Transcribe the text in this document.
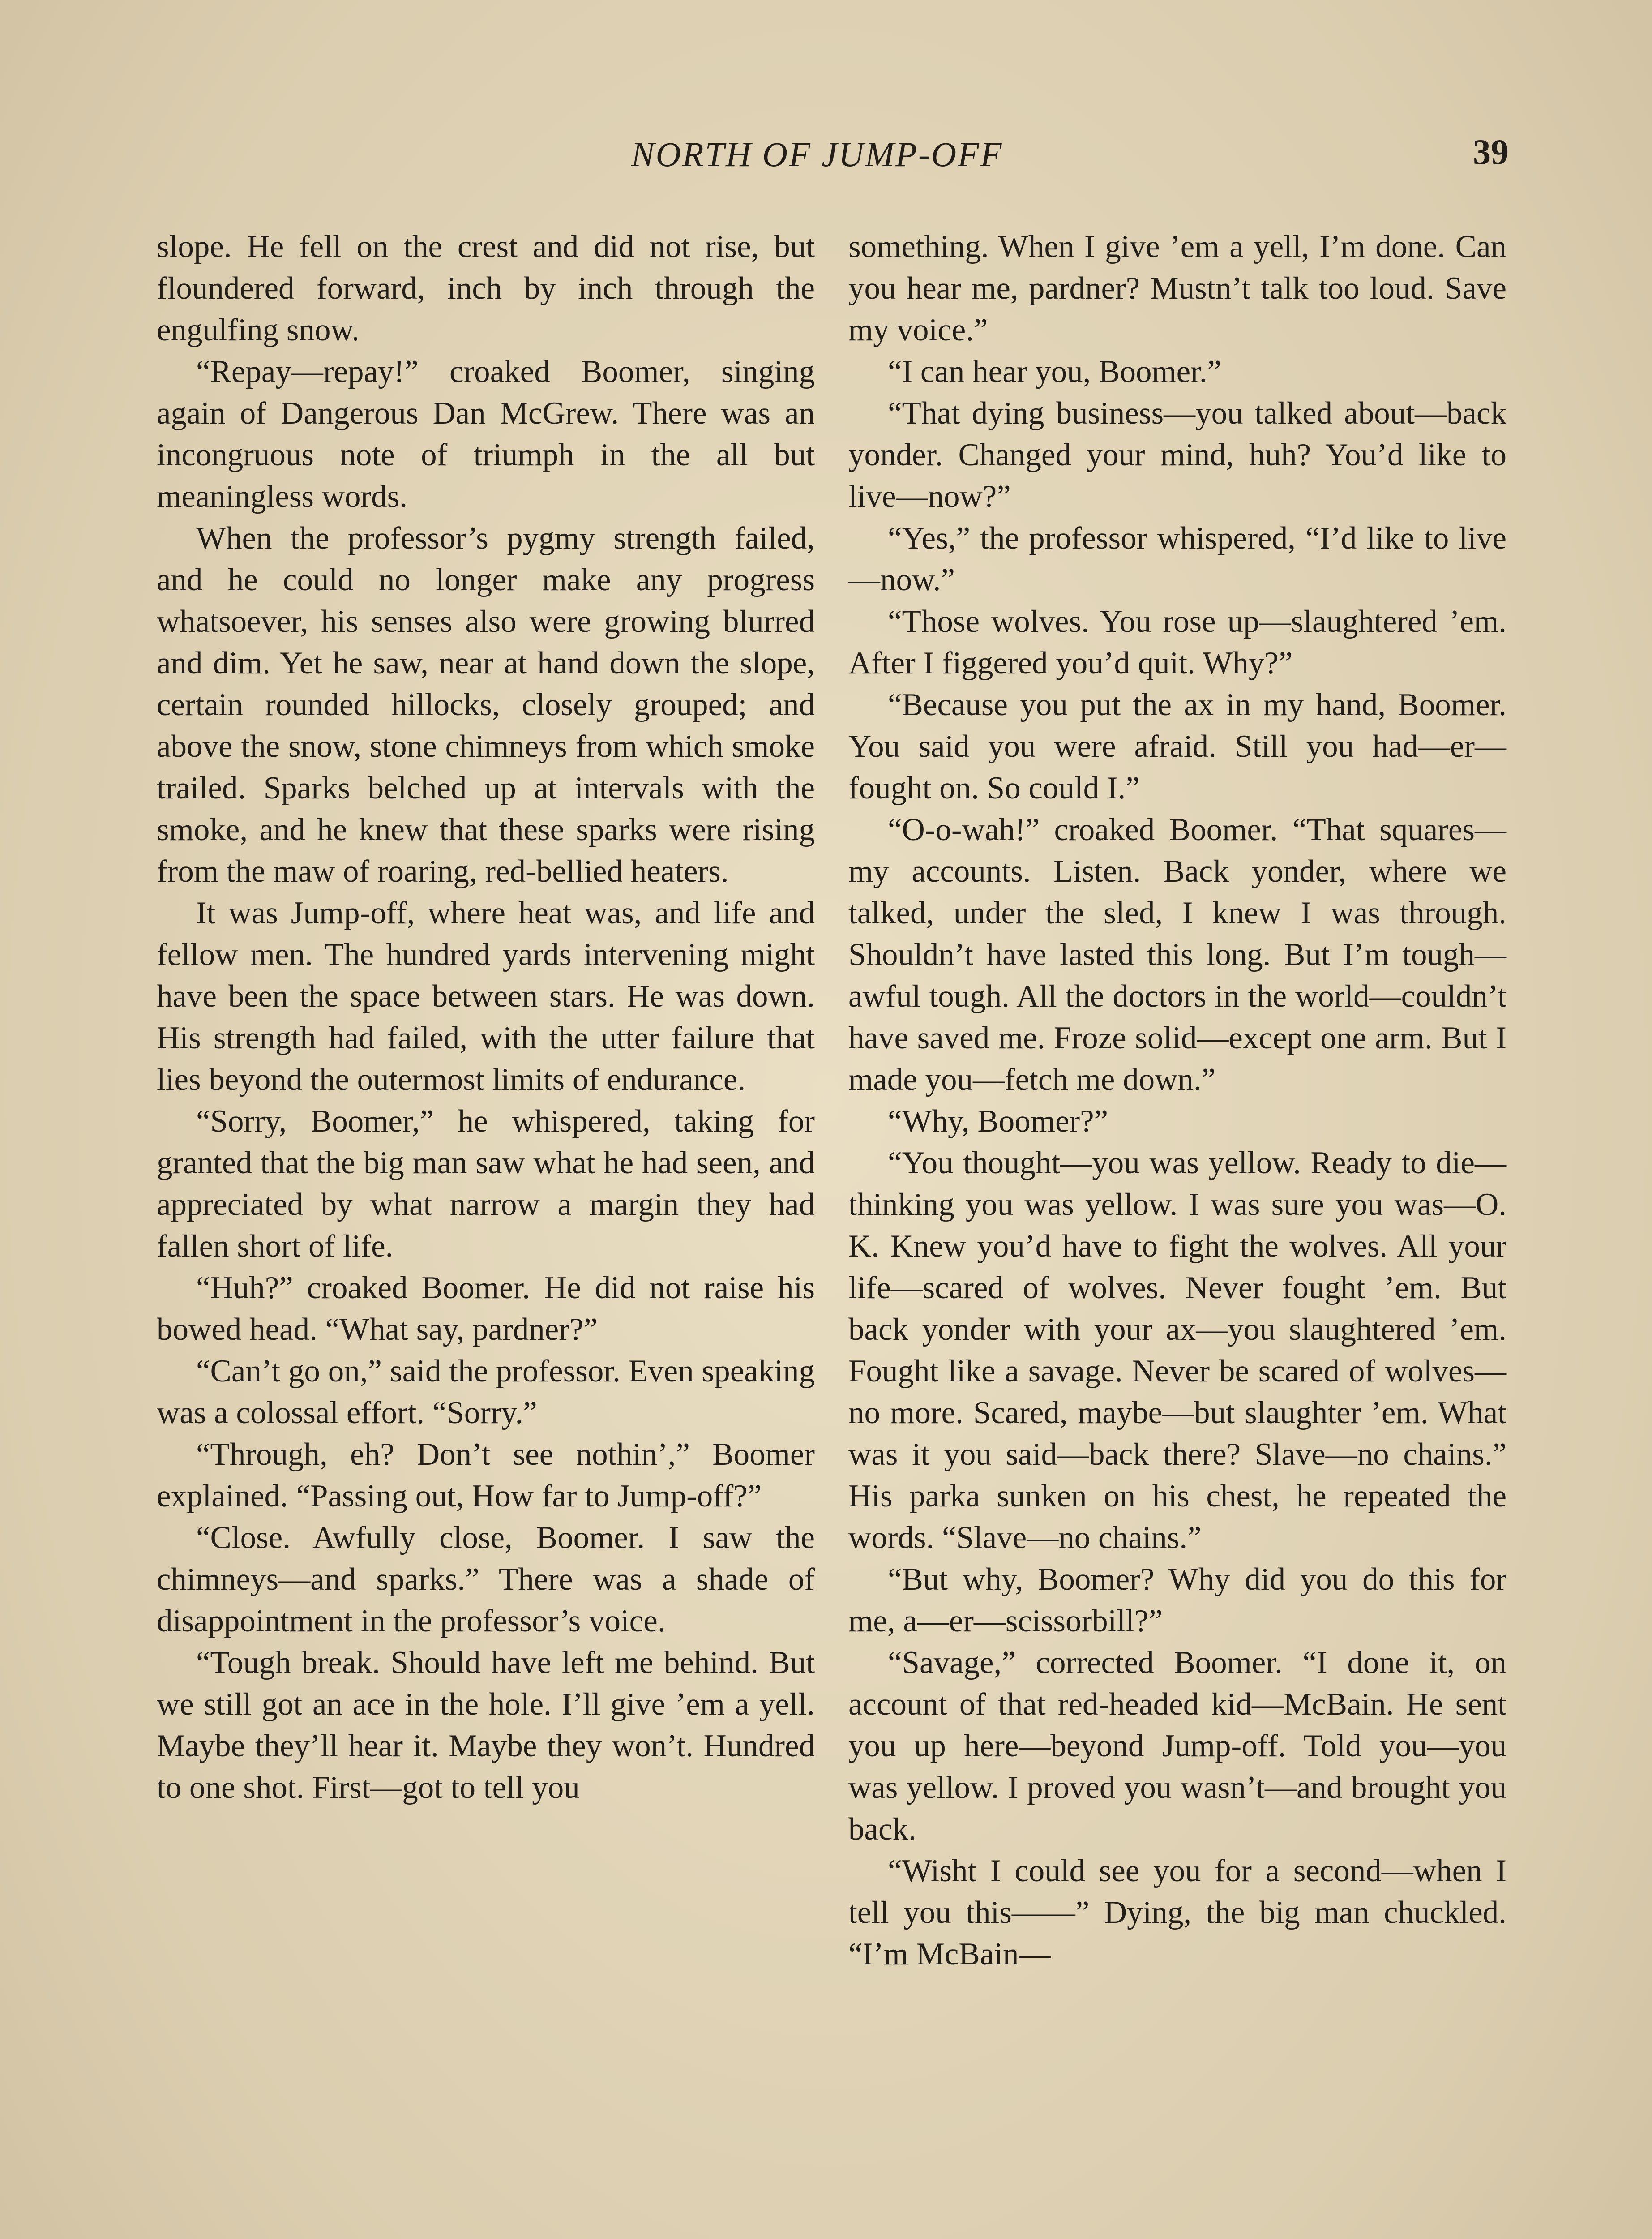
NORTH OF JUMP-OFF	39

slope. He fell on the crest and did not rise, but floundered forward, inch by inch through the engulfing snow.

“Repay—repay!” croaked Boomer, singing again of Dangerous Dan McGrew. There was an incongruous note of triumph in the all but meaningless words.

When the professor’s pygmy strength failed, and he could no longer make any progress whatsoever, his senses also were growing blurred and dim. Yet he saw, near at hand down the slope, certain rounded hillocks, closely grouped; and above the snow, stone chimneys from which smoke trailed. Sparks belched up at intervals with the smoke, and he knew that these sparks were rising from the maw of roaring, red-bellied heaters.

It was Jump-off, where heat was, and life and fellow men. The hundred yards intervening might have been the space between stars. He was down. His strength had failed, with the utter failure that lies beyond the outermost limits of endurance.

“Sorry, Boomer,” he whispered, taking for granted that the big man saw what he had seen, and appreciated by what narrow a margin they had fallen short of life.

“Huh?” croaked Boomer. He did not raise his bowed head. “What say, pardner?”

“Can’t go on,” said the professor. Even speaking was a colossal effort. “Sorry.”

“Through, eh? Don’t see nothin’,” Boomer explained. “Passing out, How far to Jump-off?”

“Close. Awfully close, Boomer. I saw the chimneys—and sparks.” There was a shade of disappointment in the professor’s voice.

“Tough break. Should have left me behind. But we still got an ace in the hole. I’ll give ’em a yell. Maybe they’ll hear it. Maybe they won’t. Hundred to one shot. First—got to tell you

something. When I give ’em a yell, I’m done. Can you hear me, pardner? Mustn’t talk too loud. Save my voice.”

“I can hear you, Boomer.”

“That dying business—you talked about—back yonder. Changed your mind, huh? You’d like to live—now?”

“Yes,” the professor whispered, “I’d like to live—now.”

“Those wolves. You rose up—slaughtered ’em. After I figgered you’d quit. Why?”

“Because you put the ax in my hand, Boomer. You said you were afraid. Still you had—er—fought on. So could I.”

“O-o-wah!” croaked Boomer. “That squares—my accounts. Listen. Back yonder, where we talked, under the sled, I knew I was through. Shouldn’t have lasted this long. But I’m tough—awful tough. All the doctors in the world—couldn’t have saved me. Froze solid—except one arm. But I made you—fetch me down.”

“Why, Boomer?”

“You thought—you was yellow. Ready to die—thinking you was yellow. I was sure you was—O. K. Knew you’d have to fight the wolves. All your life—scared of wolves. Never fought ’em. But back yonder with your ax—you slaughtered ’em. Fought like a savage. Never be scared of wolves—no more. Scared, maybe—but slaughter ’em. What was it you said—back there? Slave—no chains.” His parka sunken on his chest, he repeated the words. “Slave—no chains.”

“But why, Boomer? Why did you do this for me, a—er—scissorbill?”

“Savage,” corrected Boomer. “I done it, on account of that red-headed kid—McBain. He sent you up here—beyond Jump-off. Told you—you was yellow. I proved you wasn’t—and brought you back.

“Wisht I could see you for a second—when I tell you this——” Dying, the big man chuckled. “I’m McBain—
